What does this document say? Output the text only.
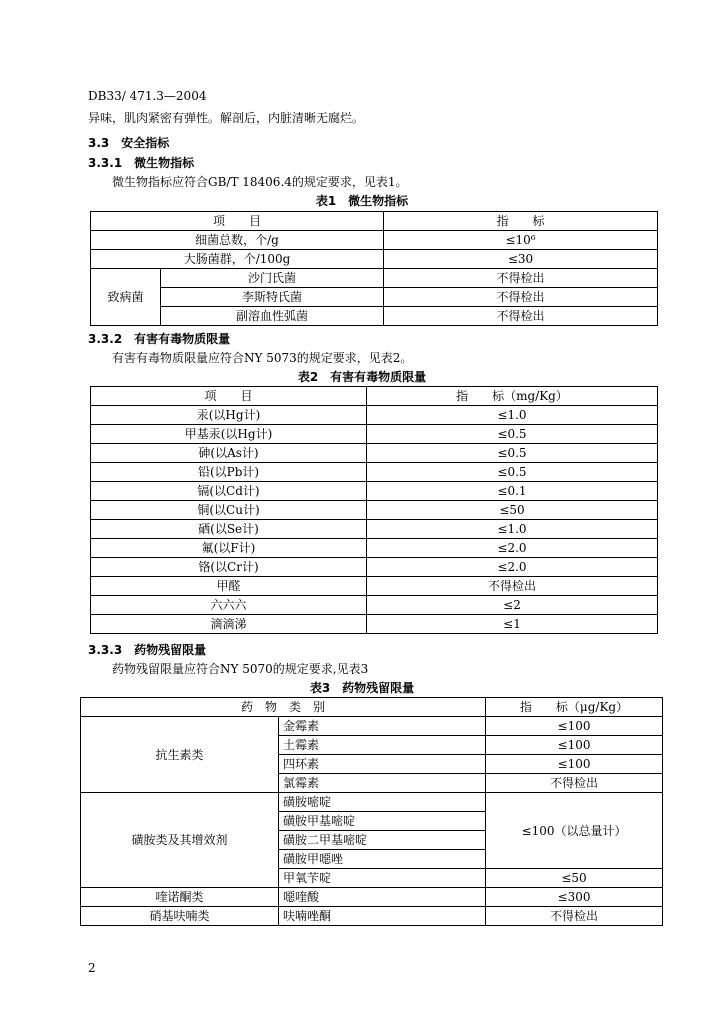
DB33/ 471.3—2004
异味，肌肉紧密有弹性。解剖后，内脏清晰无腐烂。
3.3　安全指标
3.3.1　微生物指标
微生物指标应符合GB/T 18406.4的规定要求，见表1。
表1　微生物指标
项　　目		指　　标
细菌总数，个/g		≤10⁶
大肠菌群，个/100g		≤30
致病菌	沙门氏菌	不得检出
	李斯特氏菌	不得检出
	副溶血性弧菌	不得检出
3.3.2　有害有毒物质限量
有害有毒物质限量应符合NY 5073的规定要求，见表2。
表2　有害有毒物质限量
项　　目	指　　标（mg/Kg）
汞(以Hg计)	≤1.0
甲基汞(以Hg计)	≤0.5
砷(以As计)	≤0.5
铅(以Pb计)	≤0.5
镉(以Cd计)	≤0.1
铜(以Cu计)	≤50
硒(以Se计)	≤1.0
氟(以F计)	≤2.0
铬(以Cr计)	≤2.0
甲醛	不得检出
六六六	≤2
滴滴涕	≤1
3.3.3　药物残留限量
药物残留限量应符合NY 5070的规定要求,见表3
表3　药物残留限量
药　物　类　别		指　　标（μg/Kg）
抗生素类	金霉素	≤100
	土霉素	≤100
	四环素	≤100
	氯霉素	不得检出
磺胺类及其增效剂	磺胺嘧啶	≤100（以总量计）
	磺胺甲基嘧啶	
	磺胺二甲基嘧啶	
	磺胺甲噁唑	
	甲氧苄啶	≤50
喹诺酮类	噁喹酸	≤300
硝基呋喃类	呋喃唑酮	不得检出
2
